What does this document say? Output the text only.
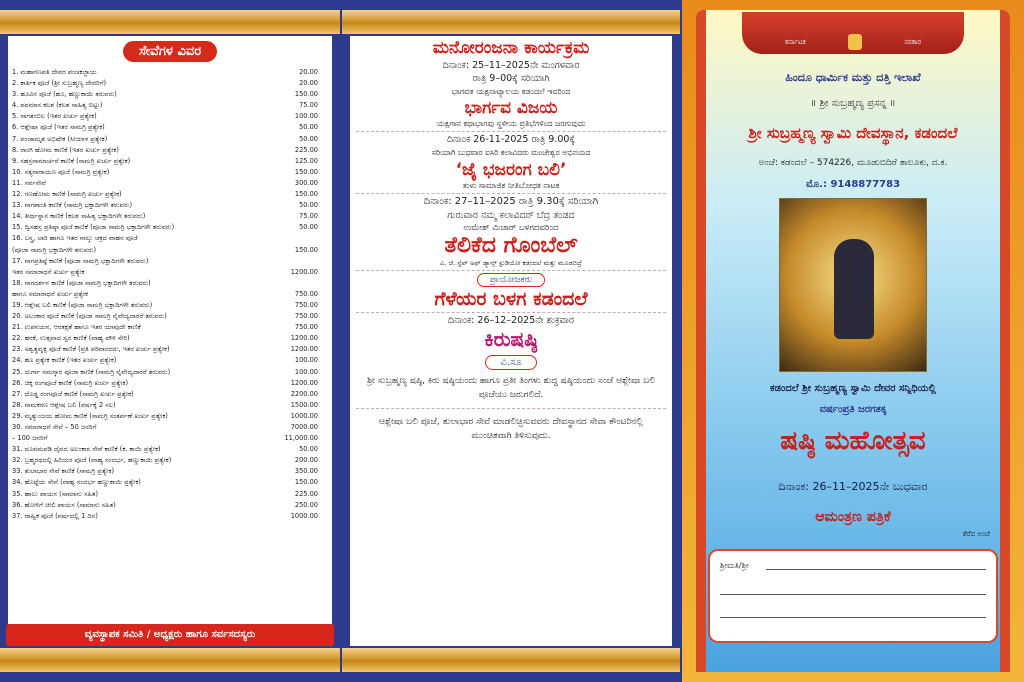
ಸೇವೆಗಳ ವಿವರ
1. ಮಹಾಗಣಪತಿ ದೇವರ ಪಂಚಕಜ್ಜಾಯ	20.00
2. ಕಾರ್ತಿಕ ಪೂಜೆ (ಶ್ರೀ ಸುಬ್ರಹ್ಮಣ್ಯ ದೇವರಿಗೆ)	20.00
3. ಹೂವಿನ ಪೂಜೆ (ಹೂ, ಹಣ್ಣುಕಾಯಿ ತರುವರು)	150.00
4. ಪವಮಾನ ಕಲಶ (ಕಲಶ ಸಾಹಿತ್ಯ ಬಿಟ್ಟು)	75.00
5. ನಾಗತಂಬಿಲ (ಇತರ ಖರ್ಚು ಪ್ರತ್ಯೇಕ)	100.00
6. ಆಶ್ಲೇಷಾ ಪೂಜೆ (ಇತರ ಸಾಮಗ್ರಿ ಪ್ರತ್ಯೇಕ)	50.00
7. ಪಂಚಾಮೃತ ಅಭಿಷೇಕ (ಸೀಯಾಳ ಪ್ರತ್ಯೇಕ)	50.00
8. ರಾಂಗಿ ಹೋಮ ಕಾಣಿಕೆ (ಇತರ ಖರ್ಚು ಪ್ರತ್ಯೇಕ)	225.00
9. ಸಹಸ್ರನಾಮಾರ್ಚನೆ ಕಾಣಿಕೆ (ಸಾಮಗ್ರಿ ಖರ್ಚು ಪ್ರತ್ಯೇಕ)	125.00
10. ಸತ್ಯನಾರಾಯಣ ಪೂಜೆ (ಸಾಮಗ್ರಿ ಪ್ರತ್ಯೇಕ)	150.00
11. ಸರ್ವಸೇವೆ	300.00
12. ಗಣಹೋಮ ಕಾಣಿಕೆ (ಸಾಮಗ್ರಿ ಖರ್ಚು ಪ್ರತ್ಯೇಕ)	150.00
13. ನಾಗಶಾಂತಿ ಕಾಣಿಕೆ (ಸಾಮಗ್ರಿ ಭಕ್ತಾದಿಗಳೇ ತರುವರು)	50.00
14. ತೀರ್ಥಸ್ನಾನ ಕಾಣಿಕೆ (ಕಲಶ ಸಾಹಿತ್ಯ ಭಕ್ತಾದಿಗಳೇ ತರುವರು)	75.00
15. ದ್ವಿಸಹಸ್ರ ಪ್ರತಿಷ್ಠಾ ಪೂಜೆ ಕಾಣಿಕೆ (ಪೂಜಾ ಸಾಮಗ್ರಿ ಭಕ್ತಾದಿಗಳೇ ತರುವರು)	50.00
16. ಬಸ್ತ್ರ, ಲಾರಿ ಹಾಗೂ ಇತರ ನಾಲ್ಕು ಚಕ್ರದ ವಾಹನ ಪೂಜೆ
(ಪೂಜಾ ಸಾಮಗ್ರಿ ಭಕ್ತಾದಿಗಳೇ ತರುವರು)	150.00
17. ನಾಗಪ್ರತಿಷ್ಠೆ ಕಾಣಿಕೆ (ಪೂಜಾ ಸಾಮಗ್ರಿ ಭಕ್ತಾದಿಗಳೇ ತರುವರು)
ಇತರ ಸಮಾರಾಧನೆ ಖರ್ಚು ಪ್ರತ್ಯೇಕ	1200.00
18. ನಾಗದರ್ಶನ ಕಾಣಿಕೆ (ಪೂಜಾ ಸಾಮಗ್ರಿ ಭಕ್ತಾದಿಗಳೇ ತರುವರು)
ಹಾಗೂ ಸಮಾರಾಧನೆ ಖರ್ಚು ಪ್ರತ್ಯೇಕ	750.00
19. ಆಶ್ಲೇಷ ಬಲಿ ಕಾಣಿಕೆ (ಪೂಜಾ ಸಾಮಗ್ರಿ ಭಕ್ತಾದಿಗಳೇ ತರುವರು)	750.00
20. ಅಲಂಕಾರ ಪೂಜೆ ಕಾಣಿಕೆ (ಪೂಜಾ ಸಾಮಗ್ರಿ ನೈವೇದ್ಯದಾರರೆ ತರುವರು)	750.00
21. ಉಪನಯನ, ಆರತಕ್ಷತೆ ಹಾಗೂ ಇತರ ಯಾವುದೇ ಕಾಣಿಕೆ	750.00
22. ಹರಕೆ, ಉತ್ಸವಾದ ಸ್ವರ ಕಾಣಿಕೆ (ವಾಹ್ಯ ಪೌಳಿ ಸೇರಿ)	1200.00
23. ಅಶ್ವತ್ಥವೃಕ್ಷ ಪೂಜೆ ಕಾಣಿಕೆ (ಪ್ರತಿ ಪರಿವಾರದರು, ಇತರ ಖರ್ಚು ಪ್ರತ್ಯೇಕ)	1200.00
24. ಹೂ ಪ್ರತ್ಯೇಕ ಕಾಣಿಕೆ (ಇತರ ಖರ್ಚು ಪ್ರತ್ಯೇಕ)	100.00
25. ದುರ್ಗಾ ನಮಸ್ಕಾರ ಪೂಜಾ ಕಾಣಿಕೆ (ಸಾಮಗ್ರಿ ನೈವೇದ್ಯದಾರರೆ ತರುವರು)	100.00
26. ಚಿಕ್ಕ ರಂಗಪೂಜೆ ಕಾಣಿಕೆ (ಸಾಮಗ್ರಿ ಖರ್ಚು ಪ್ರತ್ಯೇಕ)	1200.00
27. ದೊಡ್ಡ ರಂಗಪೂಜೆ ಕಾಣಿಕೆ (ಸಾಮಗ್ರಿ ಖರ್ಚು ಪ್ರತ್ಯೇಕ)	2200.00
28. ನಾಮಕರಣ ಆಶ್ಲೇಷ ಬಲಿ (ವರ್ಷಕ್ಕೆ 2 ಸಲ)	1500.00
29. ಮೃತ್ಯುಂಜಯ ಹೋಮ ಕಾಣಿಕೆ (ಸಾಮಗ್ರಿ ಸಂತರ್ಪಣೆ ಖರ್ಚು ಪ್ರತ್ಯೇಕ)	1000.00
30. ಸಮಾರಾಧನೆ ಸೇವೆ – 50 ಜನರಿಗೆ	7000.00
– 100 ಜನರಿಗೆ	11,000.00
31. ದೂವಮಪಡಿ ದೈವದ ಅಲಂಕಾರ ಸೇವೆ ಕಾಣಿಕೆ (ಕ. ಕಾಯಿ ಪ್ರತ್ಯೇಕ)	50.00
32. ಬ್ರಹ್ಮರಥದಲ್ಲಿ ಹಿರಿಯರ ಪೂಜೆ (ವಾಹ್ಯ ಸಂದರ್ಭ, ಹಣ್ಣುಕಾಯಿ ಪ್ರತ್ಯೇಕ)	200.00
33. ತುಲಾಭಾರ ಸೇವೆ ಕಾಣಿಕೆ (ಸಾಮಗ್ರಿ ಪ್ರತ್ಯೇಕ)	350.00
34. ಹೊಟ್ಟೆಯ ಸೇವೆ (ವಾಹ್ಯ ಸಂದರ್ಭ ಹಣ್ಣುಕಾಯಿ ಪ್ರತ್ಯೇಕ)	150.00
35. ಹಾಲು ಪಾಯಸ (ಸಾಮಾನು ಸಹಿತ)	225.00
36. ಹೋಳಿಗೆ ಚೀಲಿ ಪಾಯಸ (ಸಾಮಾನು ಸಹಿತ)	250.00
37. ರಾಹ್ವಿಕ ಪೂಜೆ (ವರ್ಷದಲ್ಲಿ 1 ದಿನ)	1000.00
ವ್ಯವಸ್ಥಾಪಕ ಸಮಿತಿ / ಅಧ್ಯಕ್ಷರು ಹಾಗೂ ಸರ್ವಸದಸ್ಯರು
ಮನೋರಂಜನಾ ಕಾರ್ಯಕ್ರಮ
ದಿನಾಂಕ: 25–11–2025ನೇ ಮಂಗಳವಾರ
ರಾತ್ರಿ 9–00ಕ್ಕೆ ಸರಿಯಾಗಿ
ಭಾಗವತ ಯಕ್ಷನಾಟ್ಯಾಲಯ ಕಡಂದಲೆ ಇವರಿಂದ
ಭಾರ್ಗವ ವಿಜಯ
ಯಕ್ಷಗಾನ ಕಥಾಭಾಗವು ಸ್ಥಳೀಯ ಪ್ರತಿಭೆಗಳಿಂದ ಜರಗುವುದು
ದಿನಾಂಕ 26-11-2025 ರಾತ್ರಿ 9.00ಕ್ಕೆ
ಸರಿಯಾಗಿ ಬುಧವಾರ ಐಸಿರಿ ಕಲಾವಿದರು ಮಂಜೇಶ್ವರ ಅಭಿನಯದ
‘ಜೈ ಭಜರಂಗ ಬಲಿ’
ತುಳು ಸಾಮಾಜಿಕ ನೀತಿಬೋಧಕ ನಾಟಕ
ದಿನಾಂಕ: 27–11–2025 ರಾತ್ರಿ 9.30ಕ್ಕೆ ಸರಿಯಾಗಿ
ಗುರುವಾರ ನಮ್ಮ ಕಲಾವಿದರ್ ಬೆದ್ರ ತಂಡದ
ಉಮೇಶ್ ಮಿಜಾರ್ ಬಳಗದವರಿಂದ
ತೆಲಿಕೆದ ಗೊಂಬೆಲ್
ಎ. ಜೆ. ಸ್ಟೆಪ್ ಅಫ್ ಡ್ಯಾನ್ಸ್ ಸ್ಟುಡಿಯೋ ಕಡಂದಲೆ ಮತ್ತು ಮೂಡಬಿದ್ರೆ
ಪ್ರಾಯೋಜಕರು
ಗೆಳೆಯರ ಬಳಗ ಕಡಂದಲೆ
ದಿನಾಂಕ: 26–12–2025ನೇ ಶುಕ್ರವಾರ
ಕಿರುಷಷ್ಠಿ
ವಿ.ಸೂ
ಶ್ರೀ ಸುಬ್ರಹ್ಮಣ್ಯ ಷಷ್ಠಿ, ಕಿರು ಷಷ್ಠಿಯಂದು ಹಾಗೂ ಪ್ರತೀ ತಿಂಗಳು ಶುದ್ಧ ಷಷ್ಠಿಯಂದು ಸಂಜೆ ಆಶ್ಲೇಷಾ ಬಲಿ ಪೂಜೆಯು ಜರುಗಲಿದೆ.
ಆಶ್ಲೇಷಾ ಬಲಿ ಪೂಜೆ, ತುಲಾಭಾರ ಸೇವೆ ಮಾಡಲಿಚ್ಛಿಸುವವರು ದೇವಸ್ಥಾನದ ಸೇವಾ ಕೌಂಟರಿನಲ್ಲಿ ಮುಂಚಿತವಾಗಿ ತಿಳಿಸುವುದು.
ಕರ್ನಾಟಕ	ಸರಕಾರ
ಹಿಂದೂ ಧಾರ್ಮಿಕ ಮತ್ತು ದತ್ತಿ ಇಲಾಖೆ
॥ ಶ್ರೀ ಸುಬ್ರಹ್ಮಣ್ಯ ಪ್ರಸನ್ನ ॥
ಶ್ರೀ ಸುಬ್ರಹ್ಮಣ್ಯ ಸ್ವಾಮಿ ದೇವಸ್ಥಾನ, ಕಡಂದಲೆ
ಅಂಚೆ: ಕಡಂದಲೆ – 574226, ಮೂಡುಬಿದಿರೆ ತಾಲೂಕು, ದ.ಕ.
ಮೊ.: 9148877783
ಕಡಂದಲೆ ಶ್ರೀ ಸುಬ್ರಹ್ಮಣ್ಯ ಸ್ವಾಮಿ ದೇವರ ಸನ್ನಿಧಿಯಲ್ಲಿ
ವರ್ಷಂಪ್ರತಿ ಜರಗತಕ್ಕ
ಷಷ್ಠಿ ಮಹೋತ್ಸವ
ದಿನಾಂಕ: 26–11–2025ನೇ ಬುಧವಾರ
ಆಮಂತ್ರಣ ಪತ್ರಿಕೆ
ತೆರೆದ ಅಂಚೆ
ಶ್ರೀಮತಿ/ಶ್ರೀ
